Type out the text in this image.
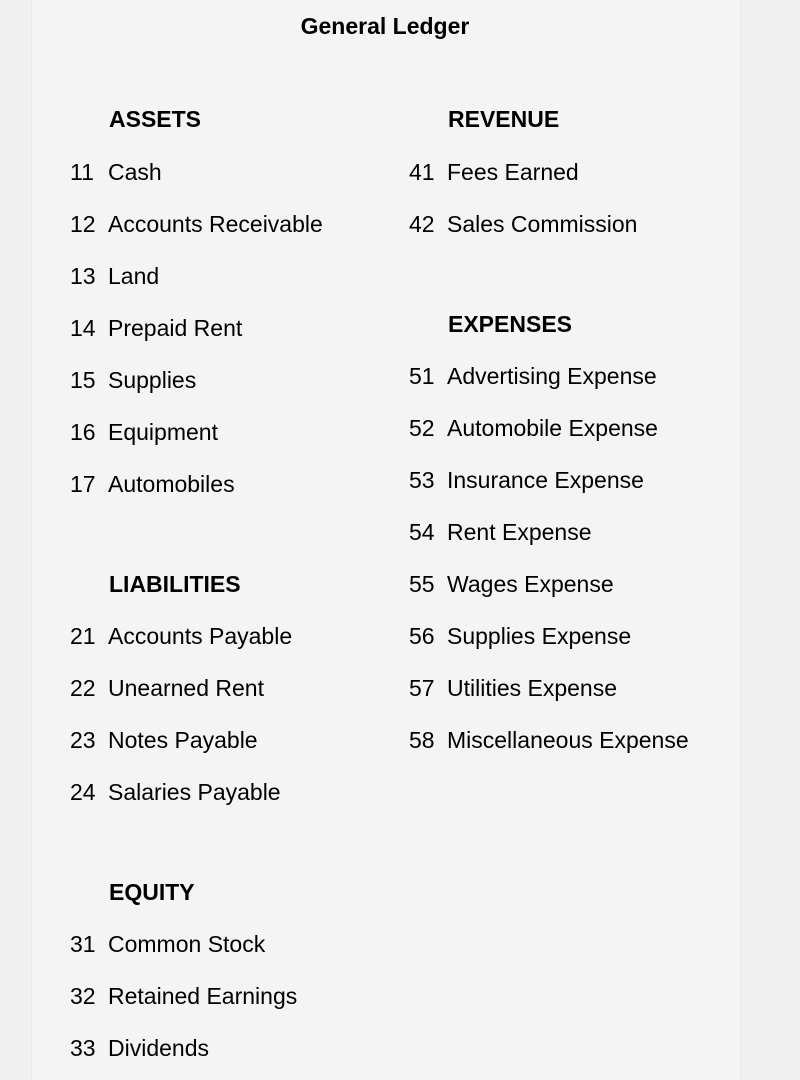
General Ledger
ASSETS
11 Cash
12 Accounts Receivable
13 Land
14 Prepaid Rent
15 Supplies
16 Equipment
17 Automobiles
LIABILITIES
21 Accounts Payable
22 Unearned Rent
23 Notes Payable
24 Salaries Payable
EQUITY
31 Common Stock
32 Retained Earnings
33 Dividends
REVENUE
41 Fees Earned
42 Sales Commission
EXPENSES
51 Advertising Expense
52 Automobile Expense
53 Insurance Expense
54 Rent Expense
55 Wages Expense
56 Supplies Expense
57 Utilities Expense
58 Miscellaneous Expense
